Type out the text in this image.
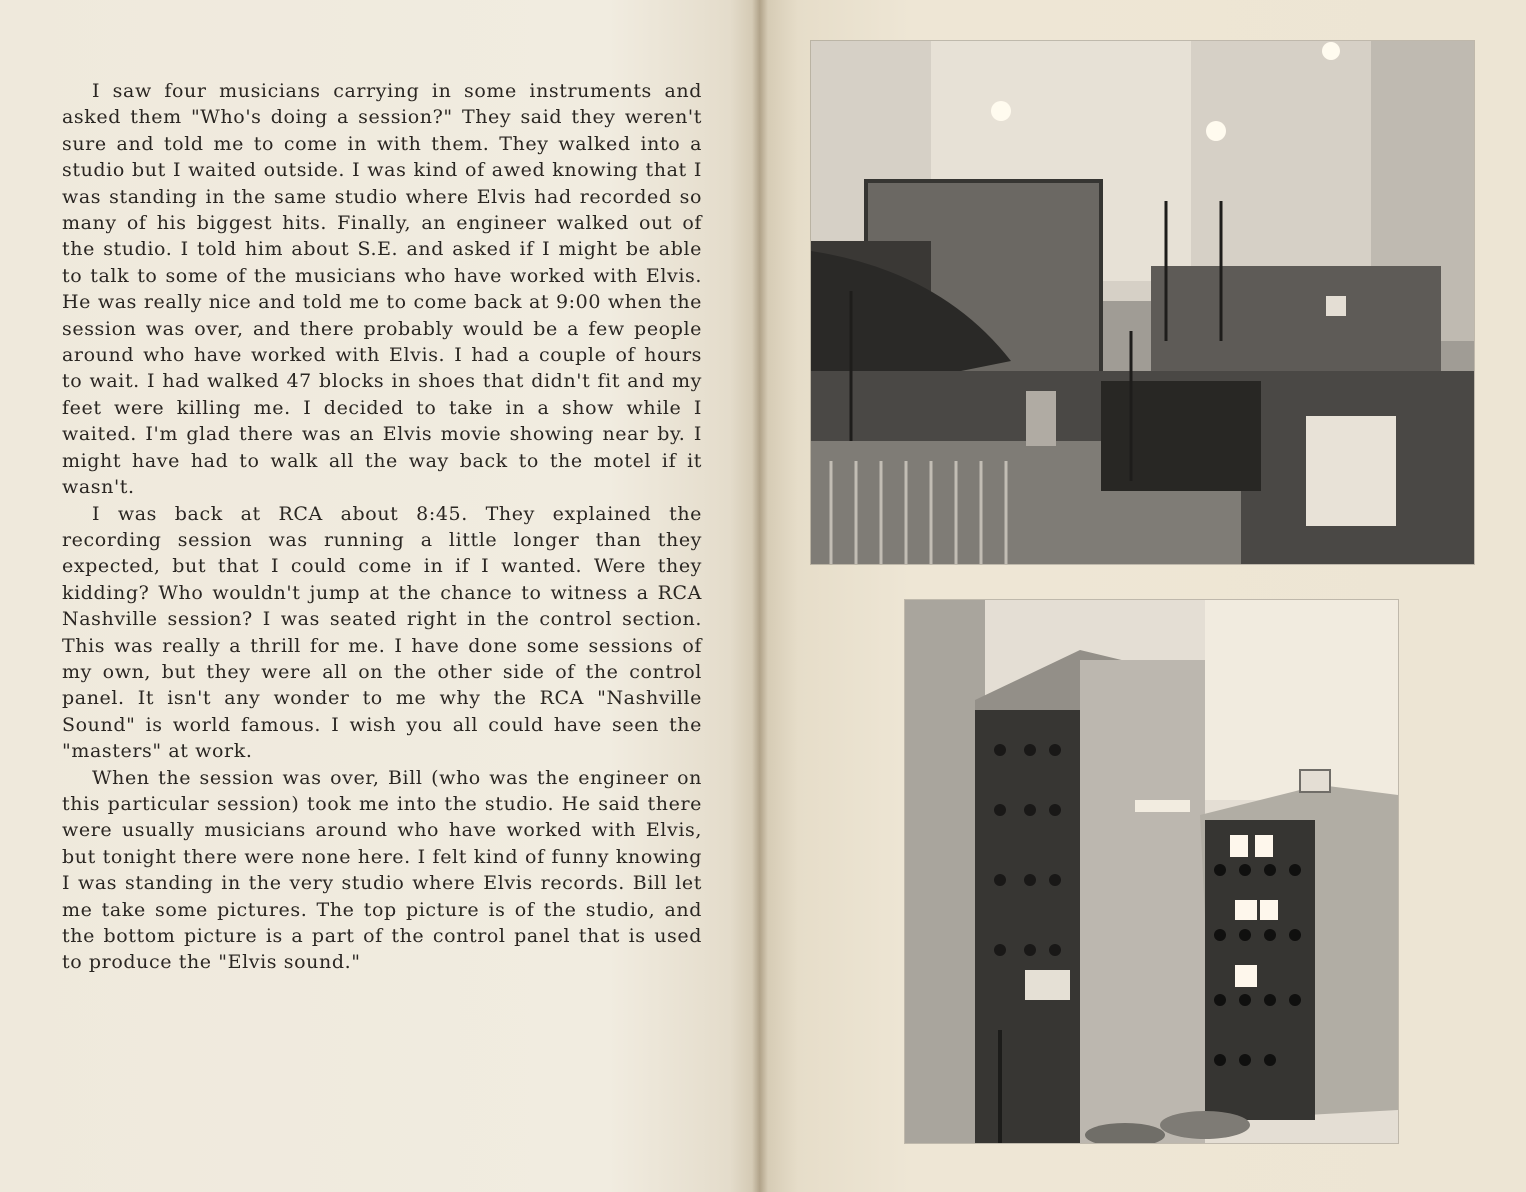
I saw four musicians carrying in some instruments and asked them "Who's doing a session?" They said they weren't sure and told me to come in with them. They walked into a studio but I waited outside. I was kind of awed knowing that I was standing in the same studio where Elvis had recorded so many of his biggest hits. Finally, an engineer walked out of the studio. I told him about S.E. and asked if I might be able to talk to some of the musicians who have worked with Elvis. He was really nice and told me to come back at 9:00 when the session was over, and there probably would be a few people around who have worked with Elvis. I had a couple of hours to wait. I had walked 47 blocks in shoes that didn't fit and my feet were killing me. I decided to take in a show while I waited. I'm glad there was an Elvis movie showing near by. I might have had to walk all the way back to the motel if it wasn't.

I was back at RCA about 8:45. They explained the recording session was running a little longer than they expected, but that I could come in if I wanted. Were they kidding? Who wouldn't jump at the chance to witness a RCA Nashville session? I was seated right in the control section. This was really a thrill for me. I have done some sessions of my own, but they were all on the other side of the control panel. It isn't any wonder to me why the RCA "Nashville Sound" is world famous. I wish you all could have seen the "masters" at work.

When the session was over, Bill (who was the engineer on this particular session) took me into the studio. He said there were usually musicians around who have worked with Elvis, but tonight there were none here. I felt kind of funny knowing I was standing in the very studio where Elvis records. Bill let me take some pictures. The top picture is of the studio, and the bottom picture is a part of the control panel that is used to produce the "Elvis sound."
